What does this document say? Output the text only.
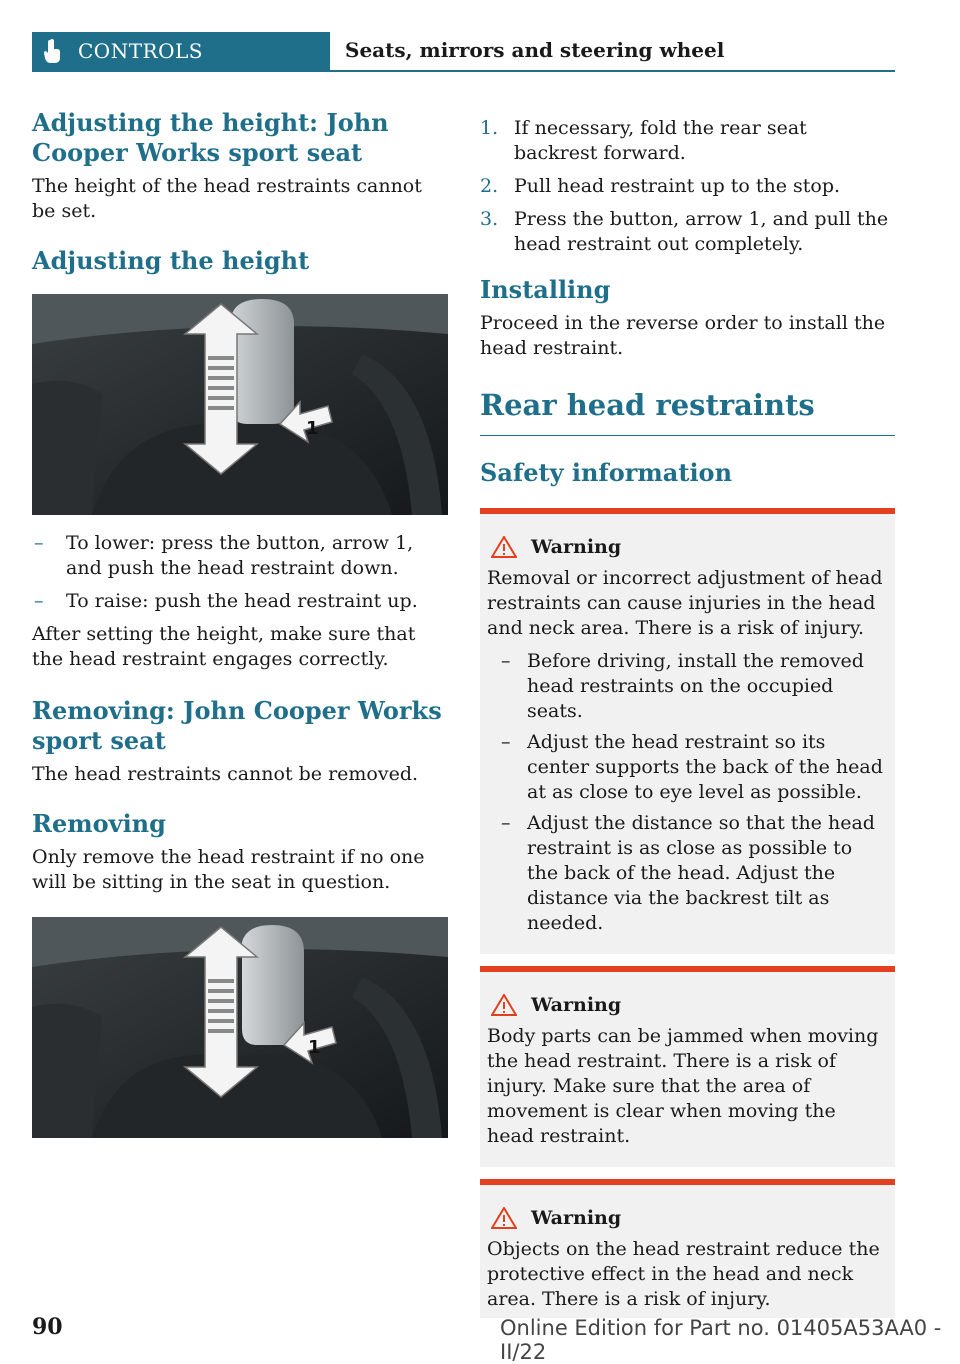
CONTROLS	Seats, mirrors and steering wheel
Adjusting the height: John Cooper Works sport seat

The height of the head restraints cannot be set.

Adjusting the height
1
– To lower: press the button, arrow 1, and push the head restraint down.
– To raise: push the head restraint up.

After setting the height, make sure that the head restraint engages correctly.

Removing: John Cooper Works sport seat

The head restraints cannot be removed.

Removing

Only remove the head restraint if no one will be sitting in the seat in question.

1
1. If necessary, fold the rear seat backrest forward.
2. Pull head restraint up to the stop.
3. Press the button, arrow 1, and pull the head restraint out completely.
Installing

Proceed in the reverse order to install the head restraint.

Rear head restraints
Safety information
Warning

Removal or incorrect adjustment of head restraints can cause injuries in the head and neck area. There is a risk of injury.

– Before driving, install the removed head restraints on the occupied seats.
– Adjust the head restraint so its center supports the back of the head at as close to eye level as possible.
– Adjust the distance so that the head restraint is as close as possible to the back of the head. Adjust the distance via the backrest tilt as needed.
Warning

Body parts can be jammed when moving the head restraint. There is a risk of injury. Make sure that the area of movement is clear when moving the head restraint.

Warning

Objects on the head restraint reduce the protective effect in the head and neck area. There is a risk of injury.

90	Online Edition for Part no. 01405A53AA0 - II/22
